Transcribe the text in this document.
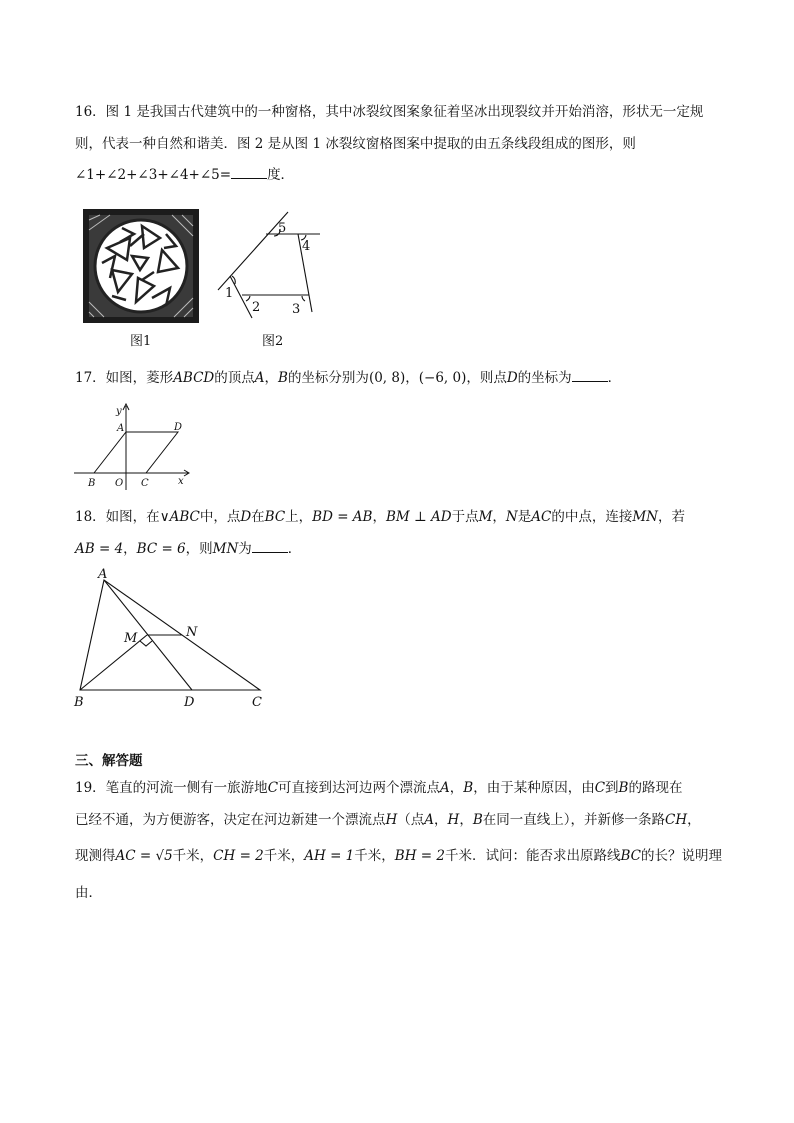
16．图 1 是我国古代建筑中的一种窗格，其中冰裂纹图案象征着坚冰出现裂纹并开始消溶，形状无一定规
则，代表一种自然和谐美．图 2 是从图 1 冰裂纹窗格图案中提取的由五条线段组成的图形，则
∠1+∠2+∠3+∠4+∠5=	度．
图1
1
2 3
4
5
图2
17．如图，菱形ABCD的顶点A，B的坐标分别为(0, 8)，(−6, 0)，则点D的坐标为	．
y
x
A	D
B O C
18．如图，在∨ABC中，点D在BC上，BD = AB，BM ⊥ AD于点M，N是AC的中点，连接MN，若
AB = 4，BC = 6，则MN为	．
A
M	N
B	D	C
三、解答题
19．笔直的河流一侧有一旅游地C可直接到达河边两个漂流点A，B，由于某种原因，由C到B的路现在
已经不通，为方便游客，决定在河边新建一个漂流点H（点A，H，B在同一直线上），并新修一条路CH，
现测得AC = √5千米，CH = 2千米，AH = 1千米，BH = 2千米．试问：能否求出原路线BC的长？说明理
由．
